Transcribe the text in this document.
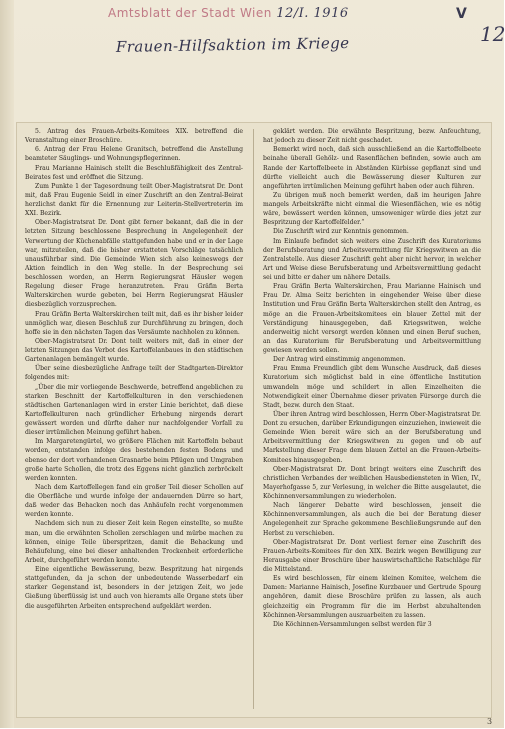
Amtsblatt der Stadt Wien 12/I. 1916	V
12
Frauen-Hilfsaktion im Kriege

5. Antrag des Frauen-Arbeits-Komitees XIX. betreffend die Veranstaltung einer Broschüre.

6. Antrag der Frau Helene Granitsch, betreffend die Anstellung beamteter Säuglings- und Wohnungspflegerinnen.

Frau Marianne Hainisch stellt die Beschlußfähigkeit des Zentral-Beirates fest und eröffnet die Sitzung.

Zum Punkte 1 der Tagesordnung teilt Ober-Magistratsrat Dr. Dont mit, daß Frau Eugenie Seidl in einer Zuschrift an den Zentral-Beirat herzlichst dankt für die Ernennung zur Leiterin-Stellvertreterin im XXI. Bezirk.

Ober-Magistratsrat Dr. Dont gibt ferner bekannt, daß die in der letzten Sitzung beschlossene Besprechung in Angelegenheit der Verwertung der Küchenabfälle stattgefunden habe und er in der Lage war, mitzuteilen, daß die bisher erstatteten Vorschläge tatsächlich unausführbar sind. Die Gemeinde Wien sich also keineswegs der Aktion feindlich in den Weg stelle. In der Besprechung sei beschlossen worden, an Herrn Regierungsrat Häusler wegen Regelung dieser Frage heranzutreten. Frau Gräfin Berta Walterskirchen wurde gebeten, bei Herrn Regierungsrat Häusler diesbezüglich vorzusprechen.

Frau Gräfin Berta Walterskirchen teilt mit, daß es ihr bisher leider unmöglich war, diesen Beschluß zur Durchführung zu bringen, doch hoffe sie in den nächsten Tagen das Versäumte nachholen zu können.

Ober-Magistratsrat Dr. Dont teilt weiters mit, daß in einer der letzten Sitzungen das Verbot des Kartoffelanbaues in den städtischen Gartenanlagen bemängelt wurde.

Über seine diesbezügliche Anfrage teilt der Stadtgarten-Direktor folgendes mit:

„Über die mir vorliegende Beschwerde, betreffend angeblichen zu starken Beschnitt der Kartoffelkulturen in den verschiedenen städtischen Gartenanlagen wird in erster Linie berichtet, daß diese Kartoffelkulturen nach gründlicher Erhebung nirgends derart gewässert worden und dürfte daher nur nachfolgender Vorfall zu dieser irrtümlichen Meinung geführt haben.

Im Margaretengürtel, wo größere Flächen mit Kartoffeln bebaut worden, entstanden infolge des bestehenden festen Bodens und ebenso der dort vorhandenen Grasnarbe beim Pflügen und Umgraben große harte Schollen, die trotz des Eggens nicht gänzlich zerbröckelt werden konnten.

Nach dem Kartoffellegen fand ein großer Teil dieser Schollen auf die Oberfläche und wurde infolge der andauernden Dürre so hart, daß weder das Behacken noch das Anhäufeln recht vorgenommen werden konnte.

Nachdem sich nun zu dieser Zeit kein Regen einstellte, so mußte man, um die erwähnten Schollen zerschlagen und mürbe machen zu können, einige Teile überspritzen, damit die Behackung und Behäufelung, eine bei dieser anhaltenden Trockenheit erforderliche Arbeit, durchgeführt werden konnte.

Eine eigentliche Bewässerung, bezw. Bespritzung hat nirgends stattgefunden, da ja schon der unbedeutende Wasserbedarf ein starker Gegenstand ist, besonders in der jetzigen Zeit, wo jede Gießung überflüssig ist und auch von hieramts alle Organe stets über die ausgeführten Arbeiten entsprechend aufgeklärt werden.

geklärt werden. Die erwähnte Bespritzung, bezw. Anfeuchtung, hat jedoch zu dieser Zeit nicht geschadet.

Bemerkt wird noch, daß sich ausschließend an die Kartoffelbeete beinahe überall Gehölz- und Rasenflächen befinden, sowie auch am Rande der Kartoffelbeete in Abständen Kürbisse gepflanzt sind und dürfte vielleicht auch die Bewässerung dieser Kulturen zur angeführten irrtümlichen Meinung geführt haben oder auch führen.

Zu übrigen muß noch bemerkt werden, daß im heurigen Jahre mangels Arbeitskräfte nicht einmal die Wiesenflächen, wie es nötig wäre, bewässert werden können, umsoweniger würde dies jetzt zur Bespritzung der Kartoffelfelder.“

Die Zuschrift wird zur Kenntnis genommen.

Im Einlaufe befindet sich weiters eine Zuschrift des Kuratoriums der Berufsberatung und Arbeitsvermittlung für Kriegswitwen an die Zentralstelle. Aus dieser Zuschrift geht aber nicht hervor, in welcher Art und Weise diese Berufsberatung und Arbeitsvermittlung gedacht sei und bitte er daher um nähere Details.

Frau Gräfin Berta Walterskirchen, Frau Marianne Hainisch und Frau Dr. Alma Seitz berichten in eingehender Weise über diese Institution und Frau Gräfin Berta Walterskirchen stellt den Antrag, es möge an die Frauen-Arbeitskomitees ein blauer Zettel mit der Verständigung hinausgegeben, daß Kriegswitwen, welche anderweitig nicht versorgt werden können und einen Beruf suchen, an das Kuratorium für Berufsberatung und Arbeitsvermittlung gewiesen werden sollen.

Der Antrag wird einstimmig angenommen.

Frau Emma Freundlich gibt dem Wunsche Ausdruck, daß dieses Kuratorium sich möglichst bald in eine öffentliche Institution umwandeln möge und schildert in allen Einzelheiten die Notwendigkeit einer Übernahme dieser privaten Fürsorge durch die Stadt, bezw. durch den Staat.

Über ihren Antrag wird beschlossen, Herrn Ober-Magistratsrat Dr. Dont zu ersuchen, darüber Erkundigungen einzuziehen, inwieweit die Gemeinde Wien bereit wäre sich an der Berufsberatung und Arbeitsvermittlung der Kriegswitwen zu gegen und ob auf Markstellung dieser Frage dem blauen Zettel an die Frauen-Arbeits-Komitees hinausgegeben.

Ober-Magistratsrat Dr. Dont bringt weiters eine Zuschrift des christlichen Verbandes der weiblichen Hausbediensteten in Wien, IV., Mayerhofgasse 5, zur Verlesung, in welcher die Bitte ausgelautet, die Köchinnenversammlungen zu wiederholen.

Nach längerer Debatte wird beschlossen, jenseit die Köchinnenversammlungen, als auch die bei der Beratung dieser Angelegenheit zur Sprache gekommene Beschließungsrunde auf den Herbst zu verschieben.

Ober-Magistratsrat Dr. Dont verliest ferner eine Zuschrift des Frauen-Arbeits-Komitees für den XIX. Bezirk wegen Bewilligung zur Herausgabe einer Broschüre über hauswirtschaftliche Ratschläge für die Mittelstand.

Es wird beschlossen, für einem kleinen Komitee, welchem die Damen: Marianne Hainisch, Josefine Kurzbauer und Gertrude Spourg angehören, damit diese Broschüre prüfen zu lassen, als auch gleichzeitig ein Programm für die im Herbst abzuhaltenden Köchinnen-Versammlungen auszuarbeiten zu lassen.

Die Köchinnen-Versammlungen selbst werden für 3

3
